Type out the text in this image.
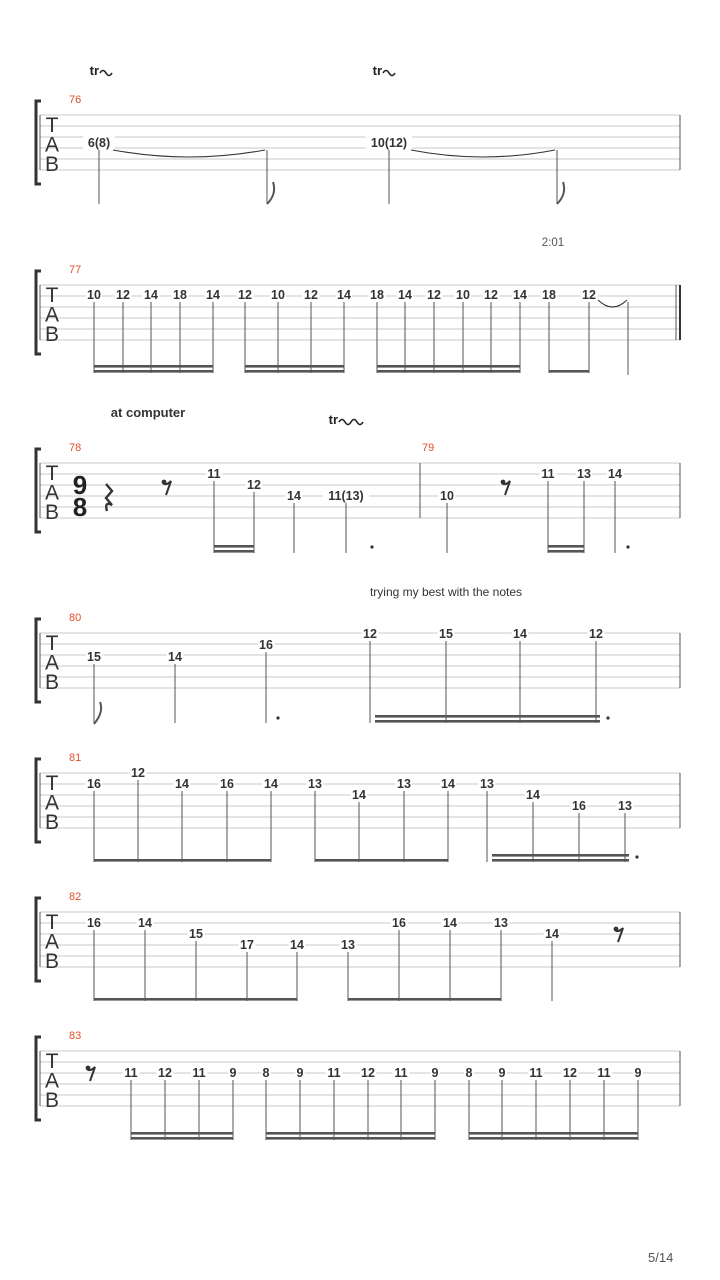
T
A
B
76
6(8)	10(12)
tr	tr
T
A
B
77
10 12 14 18 14 12 10 12 14 18 14 12 10 12 14 18 12
2:01
T
A
B
78	79
9
8
11
12
14 11(13)	10
11 13 14
at computer	tr
T
A
B
80
15	14
16
12	15	14	12
trying my best with the notes
T
A
B
81
16
12
14 16 14 13
14
13 14 13
14
16	13
T
A
B
82
16	14
15
17	14	13
16	14	13
14
T
A
B
83
11 12 11 9 8 9 11 12 11 9 8 9 11 12 11 9
5/14
